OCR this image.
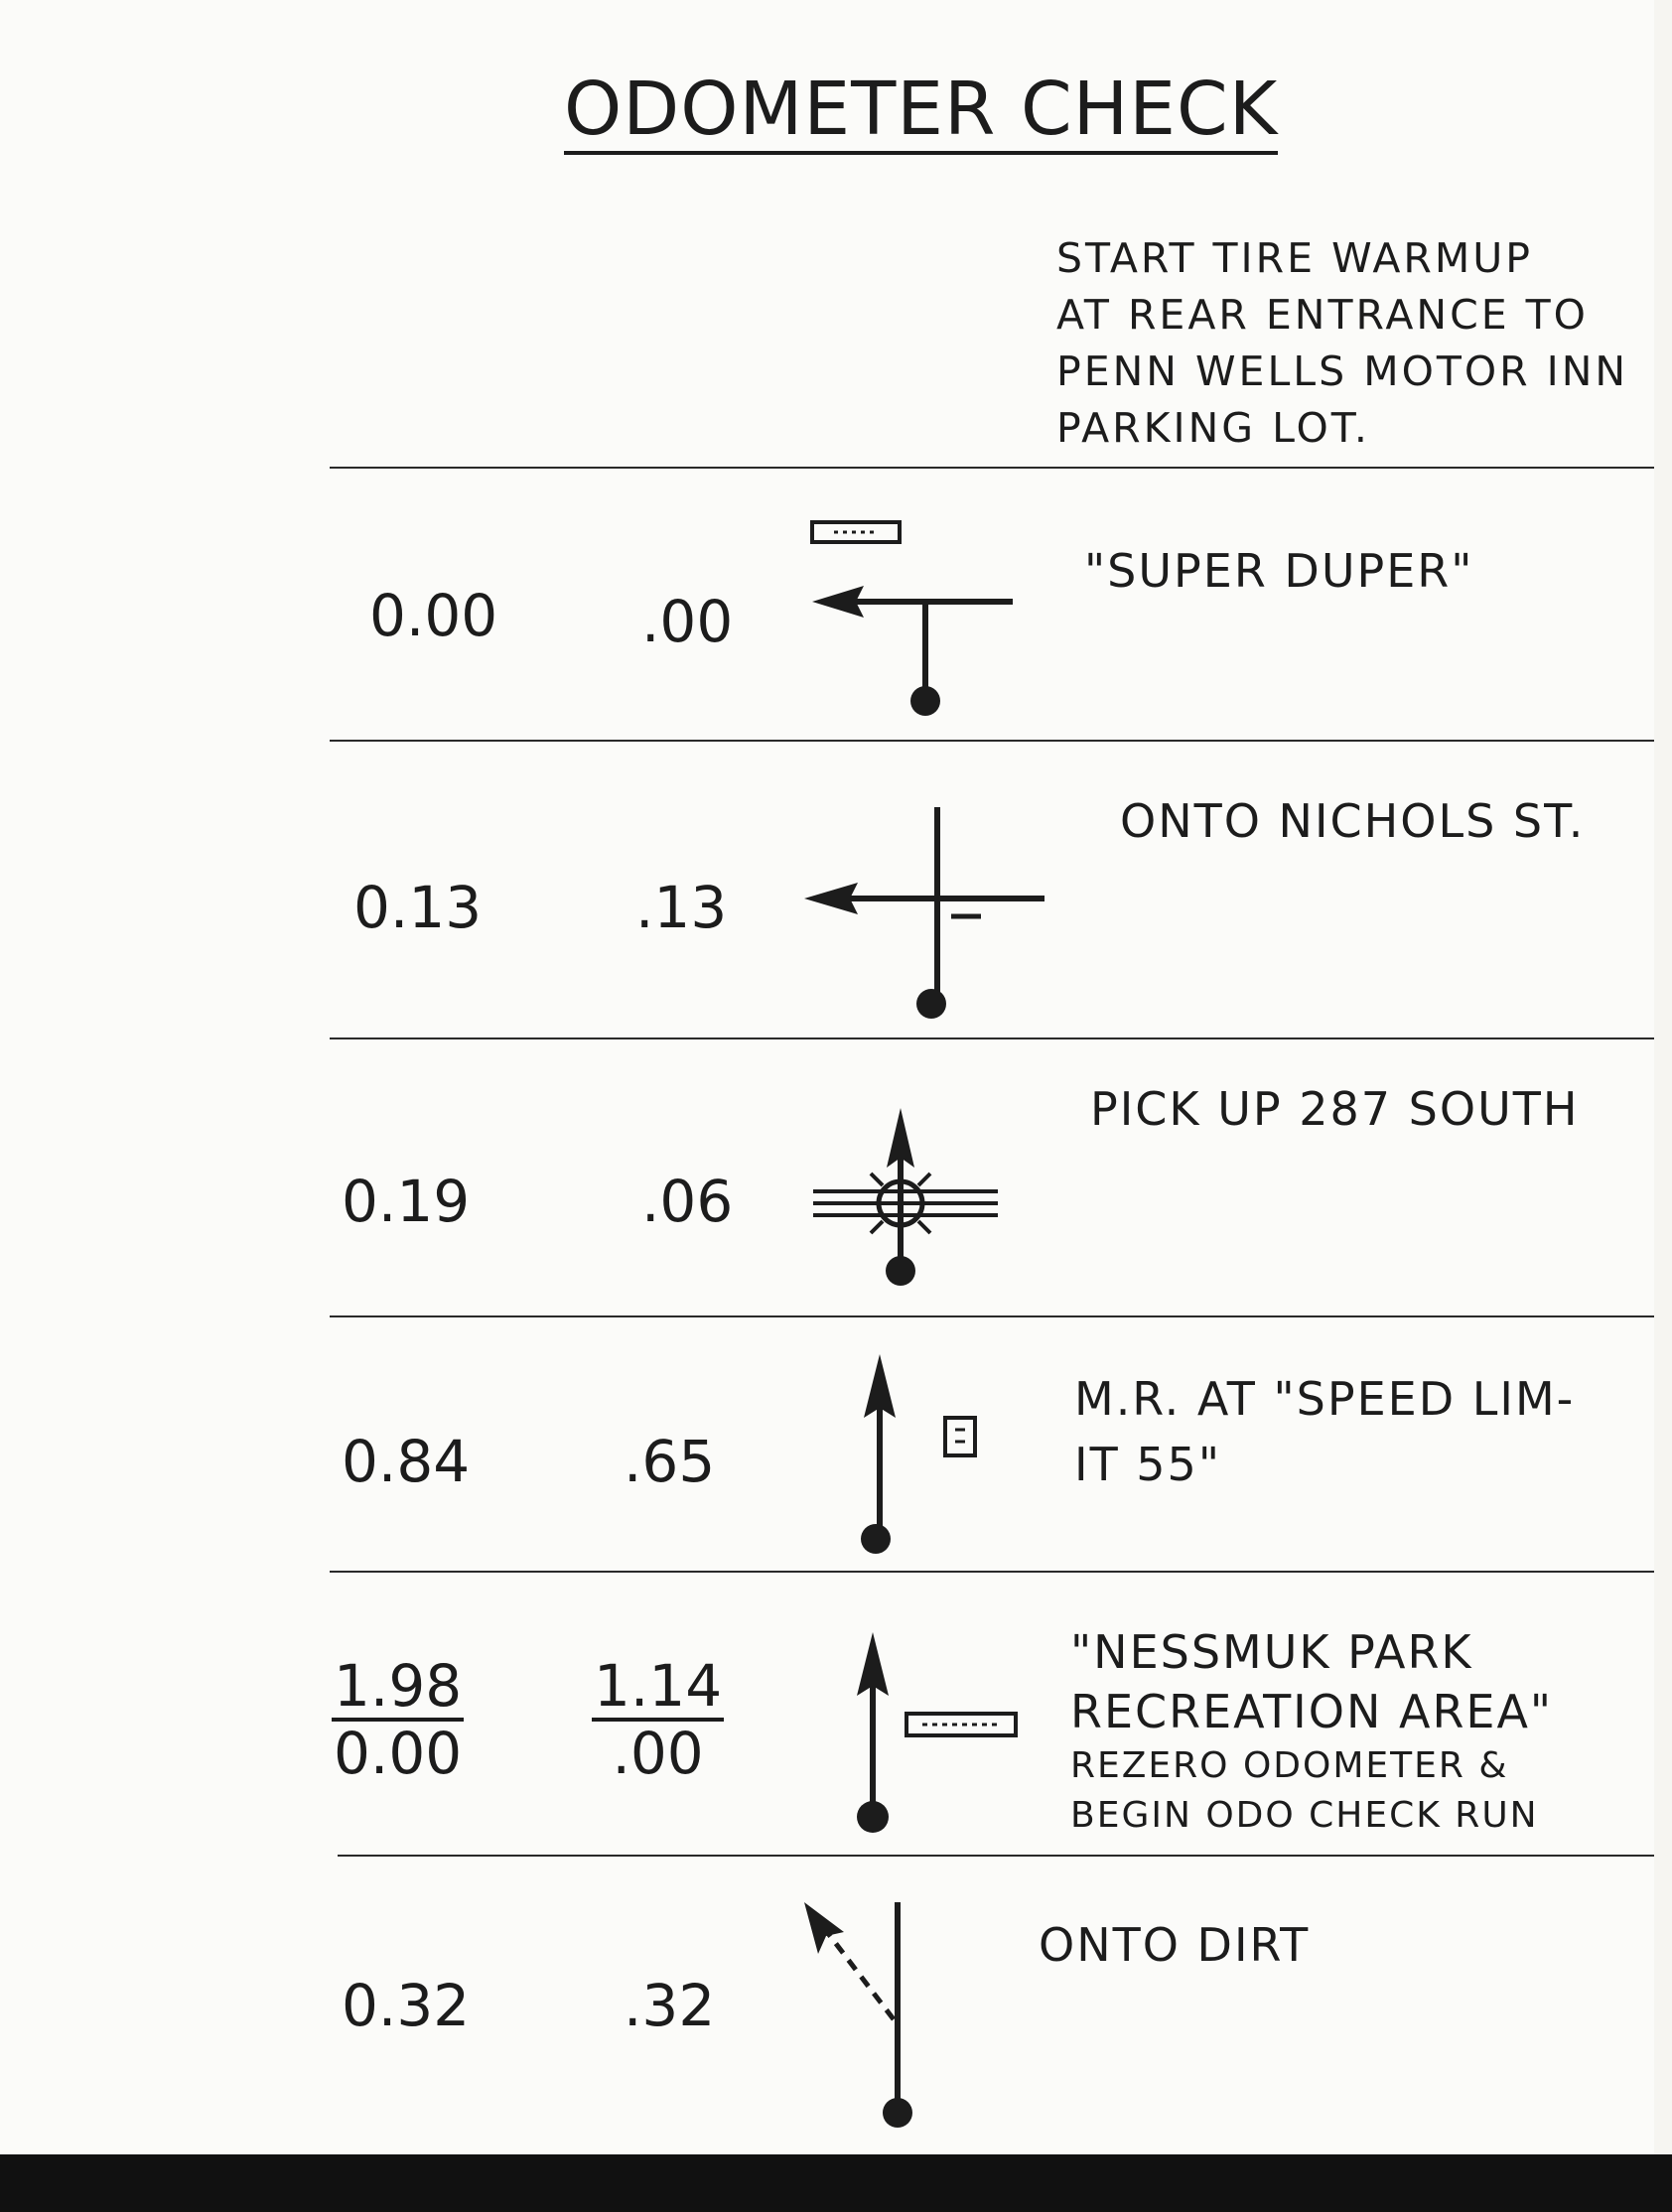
ODOMETER CHECK
START TIRE WARMUP
AT REAR ENTRANCE TO
PENN WELLS MOTOR INN
PARKING LOT.
0.00 .00
"SUPER DUPER"
0.13	.13
ONTO NICHOLS ST.
0.19	.06
PICK UP 287 SOUTH
0.84	.65
M.R. AT "SPEED LIM-
IT 55"
$\frac{1.98}{0.00} \frac{1.14}{.00}$
"NESSMUK PARK
RECREATION AREA"
REZERO ODOMETER &
BEGIN ODO CHECK RUN
0.32	.32
ONTO DIRT
